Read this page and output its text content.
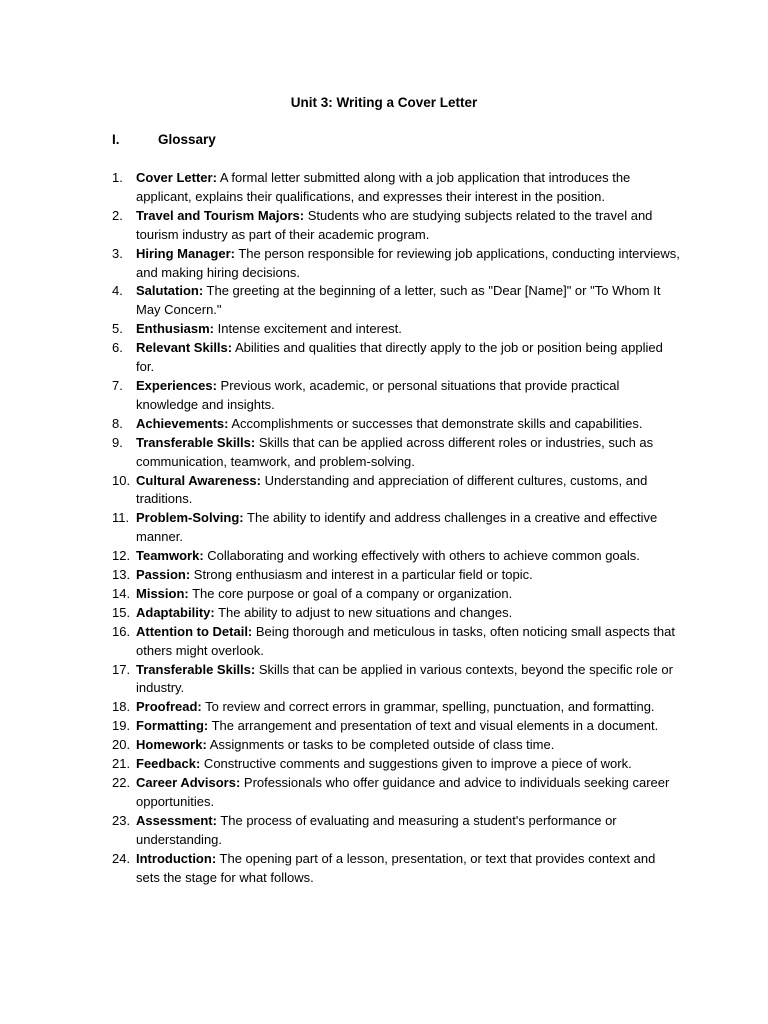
Unit 3: Writing a Cover Letter
I.	Glossary
1.	Cover Letter: A formal letter submitted along with a job application that introduces the applicant, explains their qualifications, and expresses their interest in the position.
2.	Travel and Tourism Majors: Students who are studying subjects related to the travel and tourism industry as part of their academic program.
3.	Hiring Manager: The person responsible for reviewing job applications, conducting interviews, and making hiring decisions.
4.	Salutation: The greeting at the beginning of a letter, such as "Dear [Name]" or "To Whom It May Concern."
5.	Enthusiasm: Intense excitement and interest.
6.	Relevant Skills: Abilities and qualities that directly apply to the job or position being applied for.
7.	Experiences: Previous work, academic, or personal situations that provide practical knowledge and insights.
8.	Achievements: Accomplishments or successes that demonstrate skills and capabilities.
9.	Transferable Skills: Skills that can be applied across different roles or industries, such as communication, teamwork, and problem-solving.
10. Cultural Awareness: Understanding and appreciation of different cultures, customs, and traditions.
11. Problem-Solving: The ability to identify and address challenges in a creative and effective manner.
12. Teamwork: Collaborating and working effectively with others to achieve common goals.
13. Passion: Strong enthusiasm and interest in a particular field or topic.
14. Mission: The core purpose or goal of a company or organization.
15. Adaptability: The ability to adjust to new situations and changes.
16. Attention to Detail: Being thorough and meticulous in tasks, often noticing small aspects that others might overlook.
17. Transferable Skills: Skills that can be applied in various contexts, beyond the specific role or industry.
18. Proofread: To review and correct errors in grammar, spelling, punctuation, and formatting.
19. Formatting: The arrangement and presentation of text and visual elements in a document.
20. Homework: Assignments or tasks to be completed outside of class time.
21. Feedback: Constructive comments and suggestions given to improve a piece of work.
22. Career Advisors: Professionals who offer guidance and advice to individuals seeking career opportunities.
23. Assessment: The process of evaluating and measuring a student's performance or understanding.
24. Introduction: The opening part of a lesson, presentation, or text that provides context and sets the stage for what follows.
